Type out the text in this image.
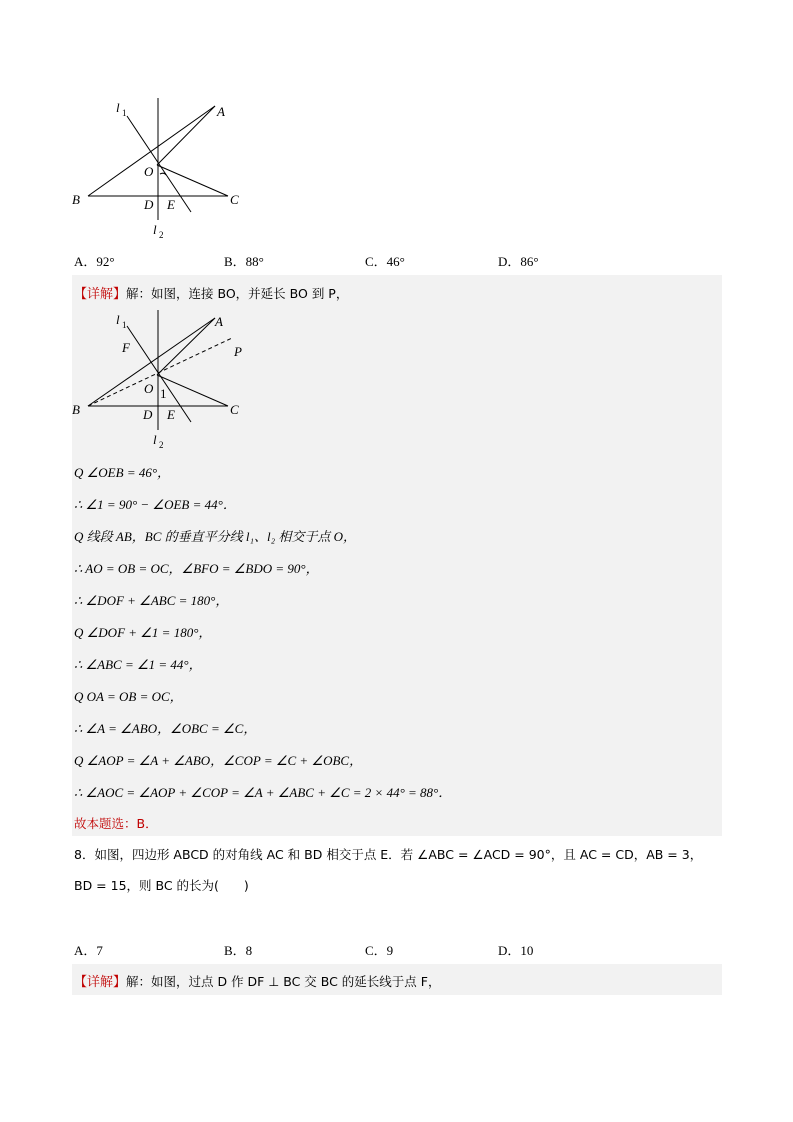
A
B	C
D E
O
l 1
l 2
A．92°	B．88°	C．46°	D．86°
【详解】解：如图，连接 BO，并延长 BO 到 P，
A
B	C
D E
O 1
F	P
l 1
l 2
Q ∠OEB = 46°，
∴ ∠1 = 90° − ∠OEB = 44°．
Q 线段 AB，BC 的垂直平分线 l₁、l₂ 相交于点 O，
∴ AO = OB = OC，∠BFO = ∠BDO = 90°，
∴ ∠DOF + ∠ABC = 180°，
Q ∠DOF + ∠1 = 180°，
∴ ∠ABC = ∠1 = 44°，
Q OA = OB = OC，
∴ ∠A = ∠ABO，∠OBC = ∠C，
Q ∠AOP = ∠A + ∠ABO，∠COP = ∠C + ∠OBC，
∴ ∠AOC = ∠AOP + ∠COP = ∠A + ∠ABC + ∠C = 2 × 44° = 88°．
故本题选：B．
8．如图，四边形 ABCD 的对角线 AC 和 BD 相交于点 E．若 ∠ABC = ∠ACD = 90°，且 AC = CD，AB = 3，
BD = 15，则 BC 的长为(　　)
A．7	B．8	C．9	D．10
【详解】解：如图，过点 D 作 DF ⊥ BC 交 BC 的延长线于点 F，
